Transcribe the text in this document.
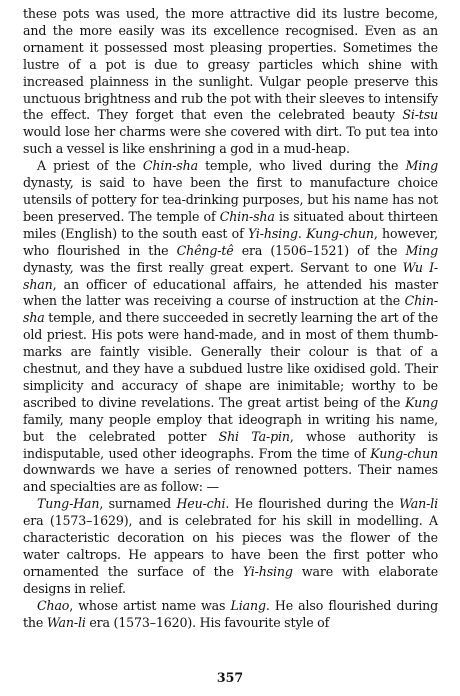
these pots was used, the more attractive did its lustre become, and the more easily was its excellence recognised. Even as an ornament it possessed most pleasing properties. Sometimes the lustre of a pot is due to greasy particles which shine with increased plainness in the sunlight. Vulgar people preserve this unctuous brightness and rub the pot with their sleeves to intensify the effect. They forget that even the celebrated beauty Si-tsu would lose her charms were she covered with dirt. To put tea into such a vessel is like enshrining a god in a mud-heap.

A priest of the Chin-sha temple, who lived during the Ming dynasty, is said to have been the first to manufacture choice utensils of pottery for tea-drinking purposes, but his name has not been preserved. The temple of Chin-sha is situated about thirteen miles (English) to the south east of Yi-hsing. Kung-chun, however, who flourished in the Chêng-tê era (1506–1521) of the Ming dynasty, was the first really great expert. Servant to one Wu I-shan, an officer of educational affairs, he attended his master when the latter was receiving a course of instruction at the Chin-sha temple, and there succeeded in secretly learning the art of the old priest. His pots were hand-made, and in most of them thumb-marks are faintly visible. Generally their colour is that of a chestnut, and they have a subdued lustre like oxidised gold. Their simplicity and accuracy of shape are inimitable; worthy to be ascribed to divine revelations. The great artist being of the Kung family, many people employ that ideograph in writing his name, but the celebrated potter Shi Ta-pin, whose authority is indisputable, used other ideographs. From the time of Kung-chun downwards we have a series of renowned potters. Their names and specialties are as follow: —

Tung-Han, surnamed Heu-chi. He flourished during the Wan-li era (1573–1629), and is celebrated for his skill in modelling. A characteristic decoration on his pieces was the flower of the water caltrops. He appears to have been the first potter who ornamented the surface of the Yi-hsing ware with elaborate designs in relief.

Chao, whose artist name was Liang. He also flourished during the Wan-li era (1573–1620). His favourite style of

357
